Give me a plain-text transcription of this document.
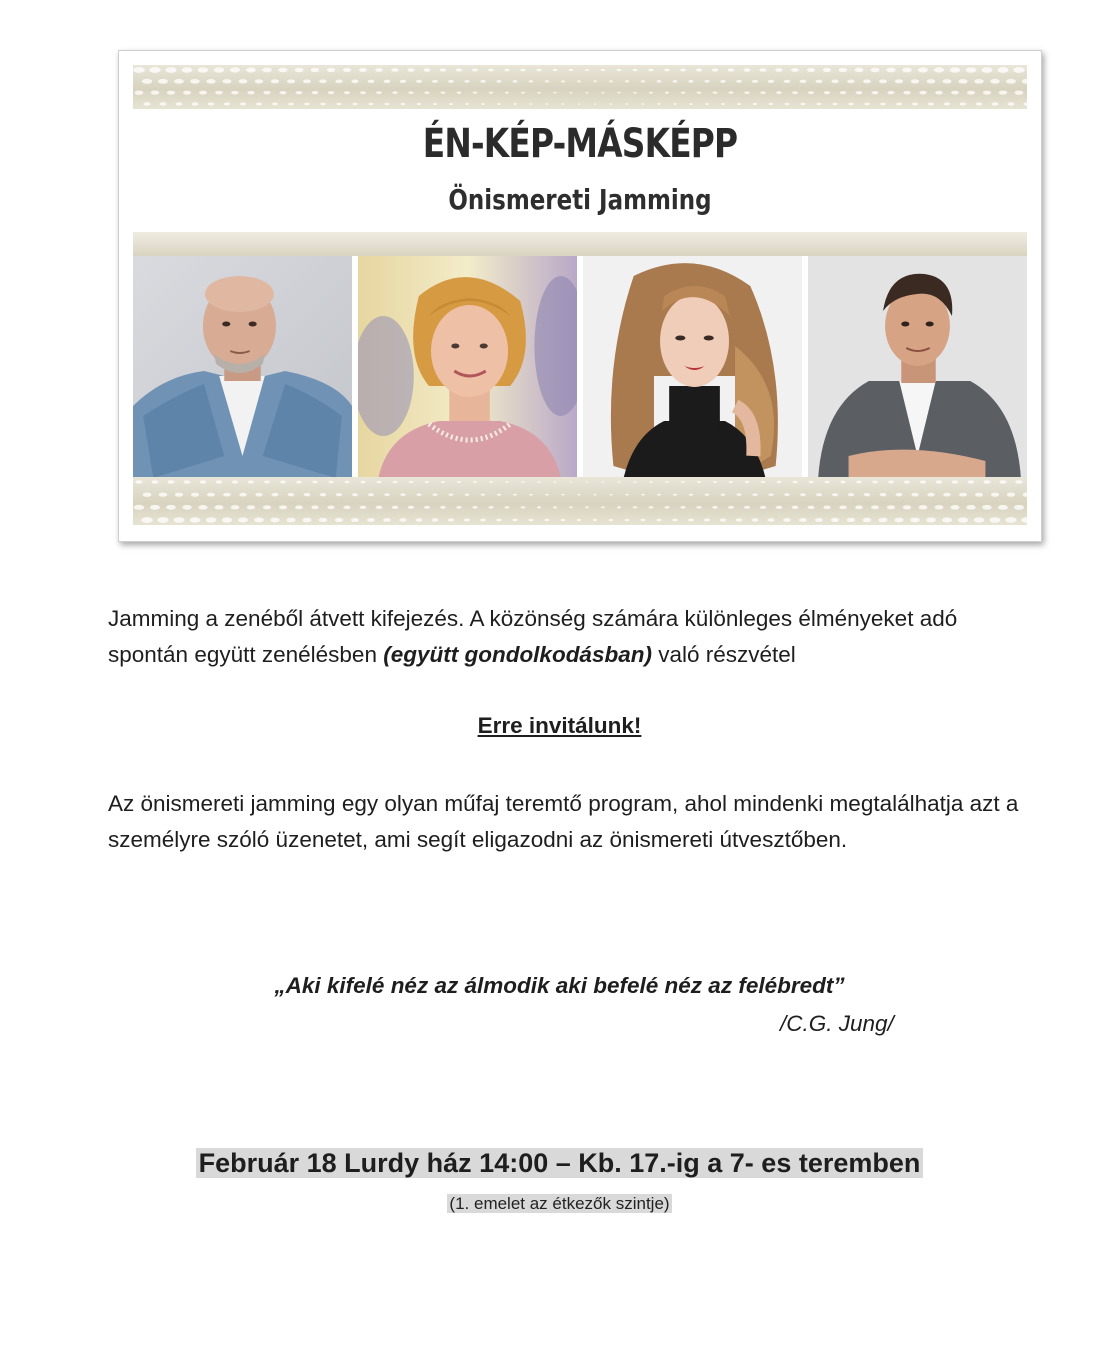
ÉN-KÉP-MÁSKÉPP
Önismereti Jamming
Jamming a zenéből átvett kifejezés. A közönség számára különleges élményeket adó spontán együtt zenélésben (együtt gondolkodásban) való részvétel
Erre invitálunk!
Az önismereti jamming egy olyan műfaj teremtő program, ahol mindenki megtalálhatja azt a személyre szóló üzenetet, ami segít eligazodni az önismereti útvesztőben.
„Aki kifelé néz az álmodik aki befelé néz az felébredt”
/C.G. Jung/
Február 18 Lurdy ház 14:00 – Kb. 17.-ig a 7- es teremben
(1. emelet az étkezők szintje)
